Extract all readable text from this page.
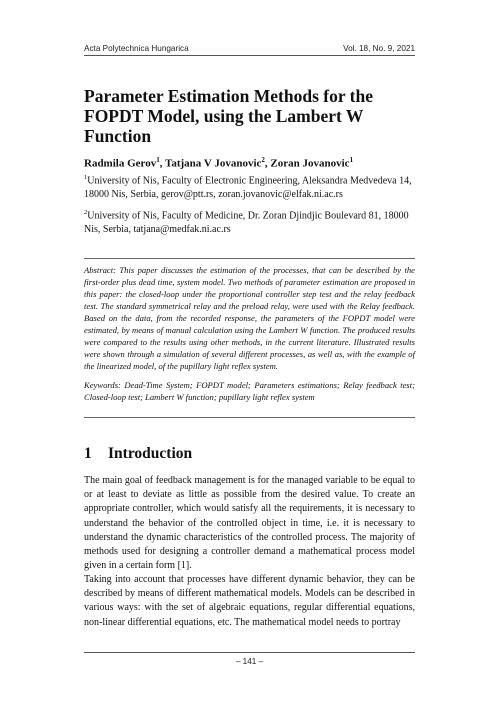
Acta Polytechnica Hungarica	Vol. 18, No. 9, 2021
Parameter Estimation Methods for the FOPDT Model, using the Lambert W Function
Radmila Gerov$^1$, Tatjana V Jovanovic$^2$, Zoran Jovanovic$^1$
$^1$University of Nis, Faculty of Electronic Engineering, Aleksandra Medvedeva 14, 18000 Nis, Serbia, gerov@ptt.rs, zoran.jovanovic@elfak.ni.ac.rs
$^2$University of Nis, Faculty of Medicine, Dr. Zoran Djindjic Boulevard 81, 18000 Nis, Serbia, tatjana@medfak.ni.ac.rs

Abstract: This paper discusses the estimation of the processes, that can be described by the first-order plus dead time, system model. Two methods of parameter estimation are proposed in this paper: the closed-loop under the proportional controller step test and the relay feedback test. The standard symmetrical relay and the preload relay, were used with the Relay feedback. Based on the data, from the recorded response, the parameters of the FOPDT model were estimated, by means of manual calculation using the Lambert W function. The produced results were compared to the results using other methods, in the current literature. Illustrated results were shown through a simulation of several different processes, as well as, with the example of the linearized model, of the pupillary light reflex system.

Keywords: Dead-Time System; FOPDT model; Parameters estimations; Relay feedback test; Closed-loop test; Lambert W function; pupillary light reflex system

1 Introduction

The main goal of feedback management is for the managed variable to be equal to or at least to deviate as little as possible from the desired value. To create an appropriate controller, which would satisfy all the requirements, it is necessary to understand the behavior of the controlled object in time, i.e. it is necessary to understand the dynamic characteristics of the controlled process. The majority of methods used for designing a controller demand a mathematical process model given in a certain form [1].

Taking into account that processes have different dynamic behavior, they can be described by means of different mathematical models. Models can be described in various ways: with the set of algebraic equations, regular differential equations, non-linear differential equations, etc. The mathematical model needs to portray

– 141 –
